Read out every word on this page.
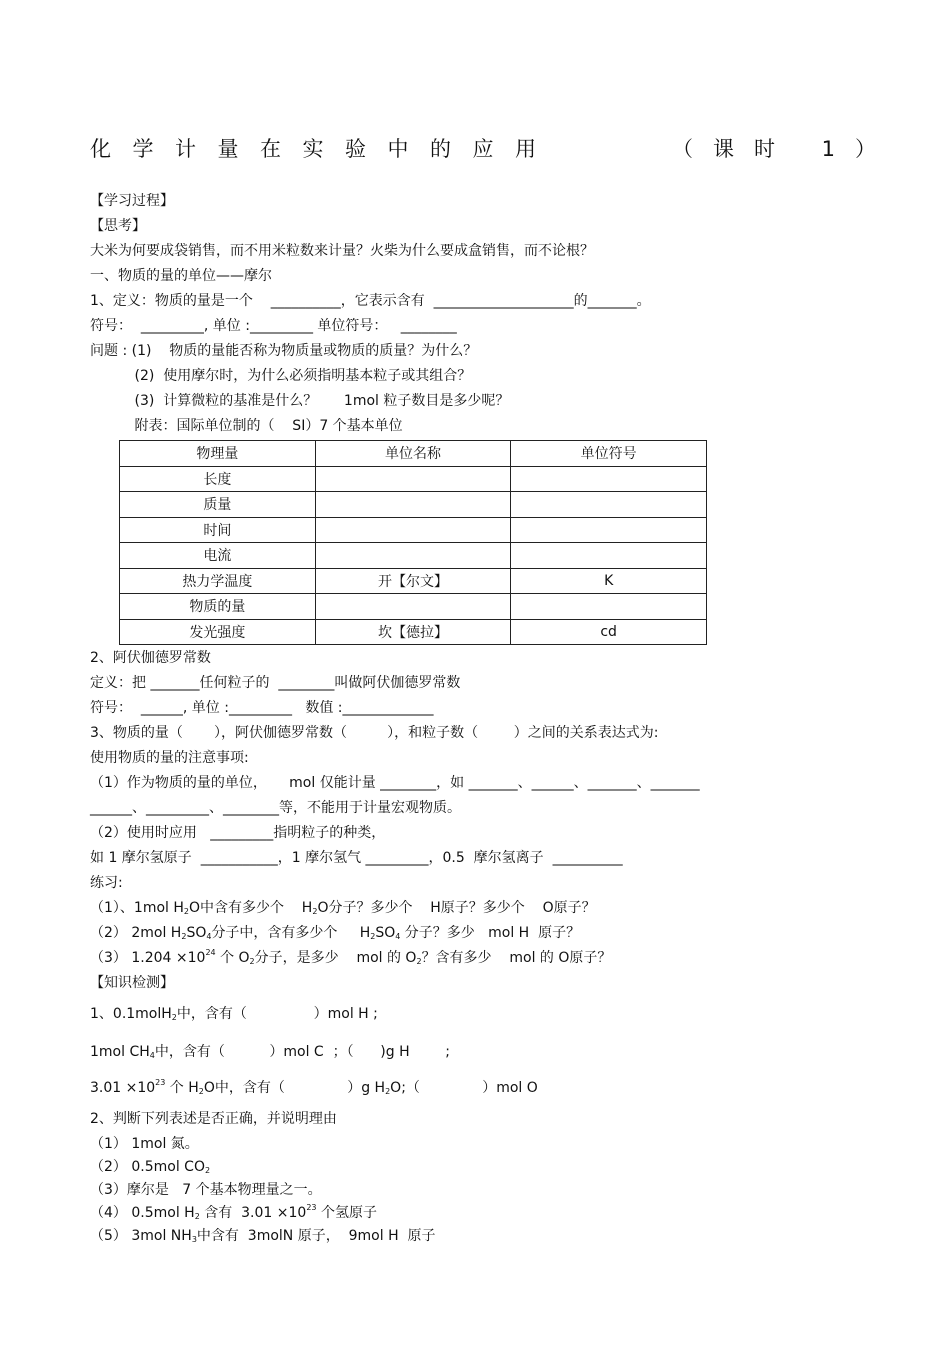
化学计量在实验中的应用	（课时 1）
【学习过程】
【思考】
大米为何要成袋销售，而不用米粒数来计量？火柴为什么要成盒销售，而不论根？
一、物质的量的单位——摩尔
1、定义：物质的量是一个    __________，它表示含有  ____________________的_______。
符号：  _________, 单位 :_________ 单位符号：   ________
问题 : (1)    物质的量能否称为物质量或物质的质量？为什么？
(2)  使用摩尔时，为什么必须指明基本粒子或其组合？
(3)  计算微粒的基准是什么？      1mol 粒子数目是多少呢？
附表：国际单位制的（    SI）7 个基本单位
物理量	单位名称	单位符号
长度		
质量		
时间		
电流		
热力学温度	开【尔文】	K
物质的量		
发光强度	坎【德拉】	cd
2、阿伏伽德罗常数
定义：把 _______任何粒子的  ________叫做阿伏伽德罗常数
符号：  ______, 单位 :_________   数值 :_____________
3、物质的量（       ），阿伏伽德罗常数（         ），和粒子数（        ）之间的关系表达式为:
使用物质的量的注意事项:
（1）作为物质的量的单位，     mol 仅能计量 ________，如 _______、______、_______、_______
______、_________、________等，不能用于计量宏观物质。
（2）使用时应用   _________指明粒子的种类，
如 1 摩尔氢原子  ___________，1 摩尔氢气 _________，0.5  摩尔氢离子  __________
练习:
（1）、1mol $H_2O$中含有多少个    $H_2O$分子？多少个    H原子？多少个    O原子？
（2） 2mol $H_2SO_4$分子中，含有多少个     $H_2SO_4$ 分子？多少   mol H  原子？
（3） $1.204 \times 10^{24}$ 个 $O_2$分子，是多少    mol 的 $O_2$？含有多少    mol 的 O原子？
【知识检测】
1、0.1molH$_2$中，含有（               ）mol H ;
1mol $CH_4$中，含有（          ）mol C  ；（      )g H        ;
$3.01 \times 10^{23}$ 个 $H_2O$中，含有（              ）g $H_2O$;（              ）mol O
2、判断下列表述是否正确，并说明理由
（1） 1mol 氮。
（2） 0.5mol $CO_2$
（3）摩尔是   7 个基本物理量之一。
（4） 0.5mol $H_2$ 含有  $3.01 \times 10^{23}$ 个氢原子
（5） 3mol $NH_3$中含有  3molN 原子，  9mol H  原子
